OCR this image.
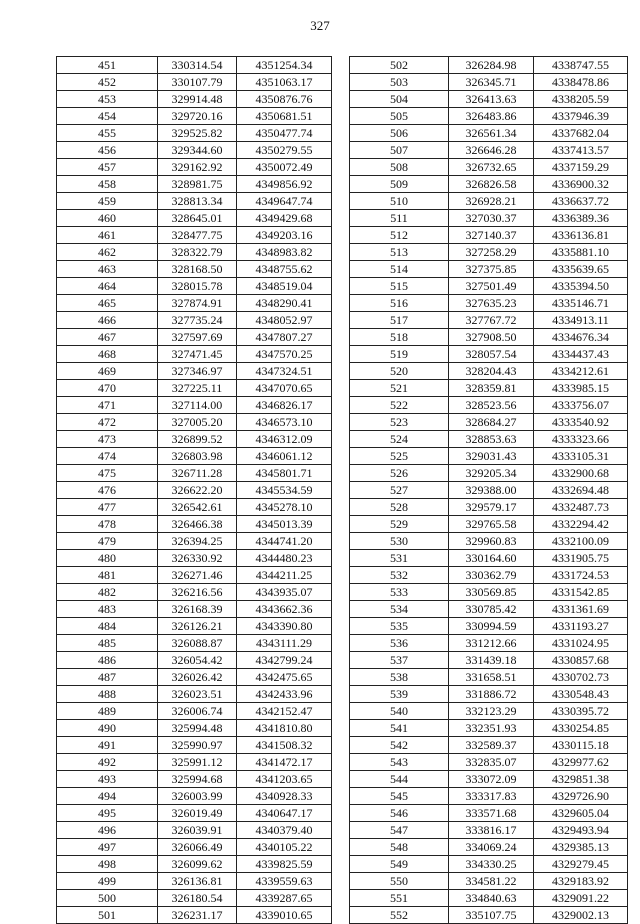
327
451	330314.54	4351254.34
452	330107.79	4351063.17
453	329914.48	4350876.76
454	329720.16	4350681.51
455	329525.82	4350477.74
456	329344.60	4350279.55
457	329162.92	4350072.49
458	328981.75	4349856.92
459	328813.34	4349647.74
460	328645.01	4349429.68
461	328477.75	4349203.16
462	328322.79	4348983.82
463	328168.50	4348755.62
464	328015.78	4348519.04
465	327874.91	4348290.41
466	327735.24	4348052.97
467	327597.69	4347807.27
468	327471.45	4347570.25
469	327346.97	4347324.51
470	327225.11	4347070.65
471	327114.00	4346826.17
472	327005.20	4346573.10
473	326899.52	4346312.09
474	326803.98	4346061.12
475	326711.28	4345801.71
476	326622.20	4345534.59
477	326542.61	4345278.10
478	326466.38	4345013.39
479	326394.25	4344741.20
480	326330.92	4344480.23
481	326271.46	4344211.25
482	326216.56	4343935.07
483	326168.39	4343662.36
484	326126.21	4343390.80
485	326088.87	4343111.29
486	326054.42	4342799.24
487	326026.42	4342475.65
488	326023.51	4342433.96
489	326006.74	4342152.47
490	325994.48	4341810.80
491	325990.97	4341508.32
492	325991.12	4341472.17
493	325994.68	4341203.65
494	326003.99	4340928.33
495	326019.49	4340647.17
496	326039.91	4340379.40
497	326066.49	4340105.22
498	326099.62	4339825.59
499	326136.81	4339559.63
500	326180.54	4339287.65
501	326231.17	4339010.65
502	326284.98	4338747.55
503	326345.71	4338478.86
504	326413.63	4338205.59
505	326483.86	4337946.39
506	326561.34	4337682.04
507	326646.28	4337413.57
508	326732.65	4337159.29
509	326826.58	4336900.32
510	326928.21	4336637.72
511	327030.37	4336389.36
512	327140.37	4336136.81
513	327258.29	4335881.10
514	327375.85	4335639.65
515	327501.49	4335394.50
516	327635.23	4335146.71
517	327767.72	4334913.11
518	327908.50	4334676.34
519	328057.54	4334437.43
520	328204.43	4334212.61
521	328359.81	4333985.15
522	328523.56	4333756.07
523	328684.27	4333540.92
524	328853.63	4333323.66
525	329031.43	4333105.31
526	329205.34	4332900.68
527	329388.00	4332694.48
528	329579.17	4332487.73
529	329765.58	4332294.42
530	329960.83	4332100.09
531	330164.60	4331905.75
532	330362.79	4331724.53
533	330569.85	4331542.85
534	330785.42	4331361.69
535	330994.59	4331193.27
536	331212.66	4331024.95
537	331439.18	4330857.68
538	331658.51	4330702.73
539	331886.72	4330548.43
540	332123.29	4330395.72
541	332351.93	4330254.85
542	332589.37	4330115.18
543	332835.07	4329977.62
544	333072.09	4329851.38
545	333317.83	4329726.90
546	333571.68	4329605.04
547	333816.17	4329493.94
548	334069.24	4329385.13
549	334330.25	4329279.45
550	334581.22	4329183.92
551	334840.63	4329091.22
552	335107.75	4329002.13
